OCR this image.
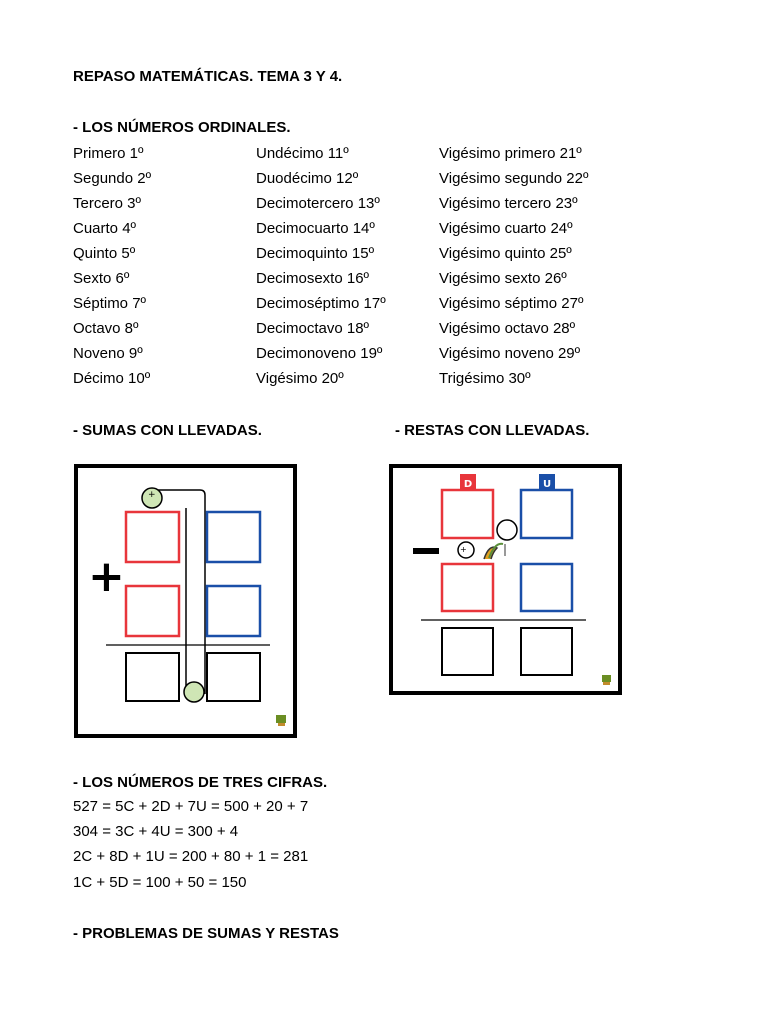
REPASO MATEMÁTICAS. TEMA 3 Y 4.
- LOS NÚMEROS ORDINALES.
Primero 1º
Segundo 2º
Tercero 3º
Cuarto 4º
Quinto 5º
Sexto 6º
Séptimo 7º
Octavo 8º
Noveno 9º
Décimo 10º
Undécimo 11º
Duodécimo 12º
Decimotercero 13º
Decimocuarto 14º
Decimoquinto 15º
Decimosexto 16º
Decimoséptimo 17º
Decimoctavo 18º
Decimonoveno 19º
Vigésimo 20º
Vigésimo primero 21º
Vigésimo segundo 22º
Vigésimo tercero 23º
Vigésimo cuarto 24º
Vigésimo quinto 25º
Vigésimo sexto 26º
Vigésimo séptimo 27º
Vigésimo octavo 28º
Vigésimo noveno 29º
Trigésimo 30º
- SUMAS CON LLEVADAS.	- RESTAS CON LLEVADAS.
+
+
D	U
+
−
- LOS NÚMEROS DE TRES CIFRAS.
527 = 5C + 2D + 7U = 500 + 20 + 7
304 = 3C + 4U = 300 + 4
2C + 8D + 1U = 200 + 80 + 1 = 281
1C + 5D = 100 + 50 = 150
- PROBLEMAS DE SUMAS Y RESTAS
